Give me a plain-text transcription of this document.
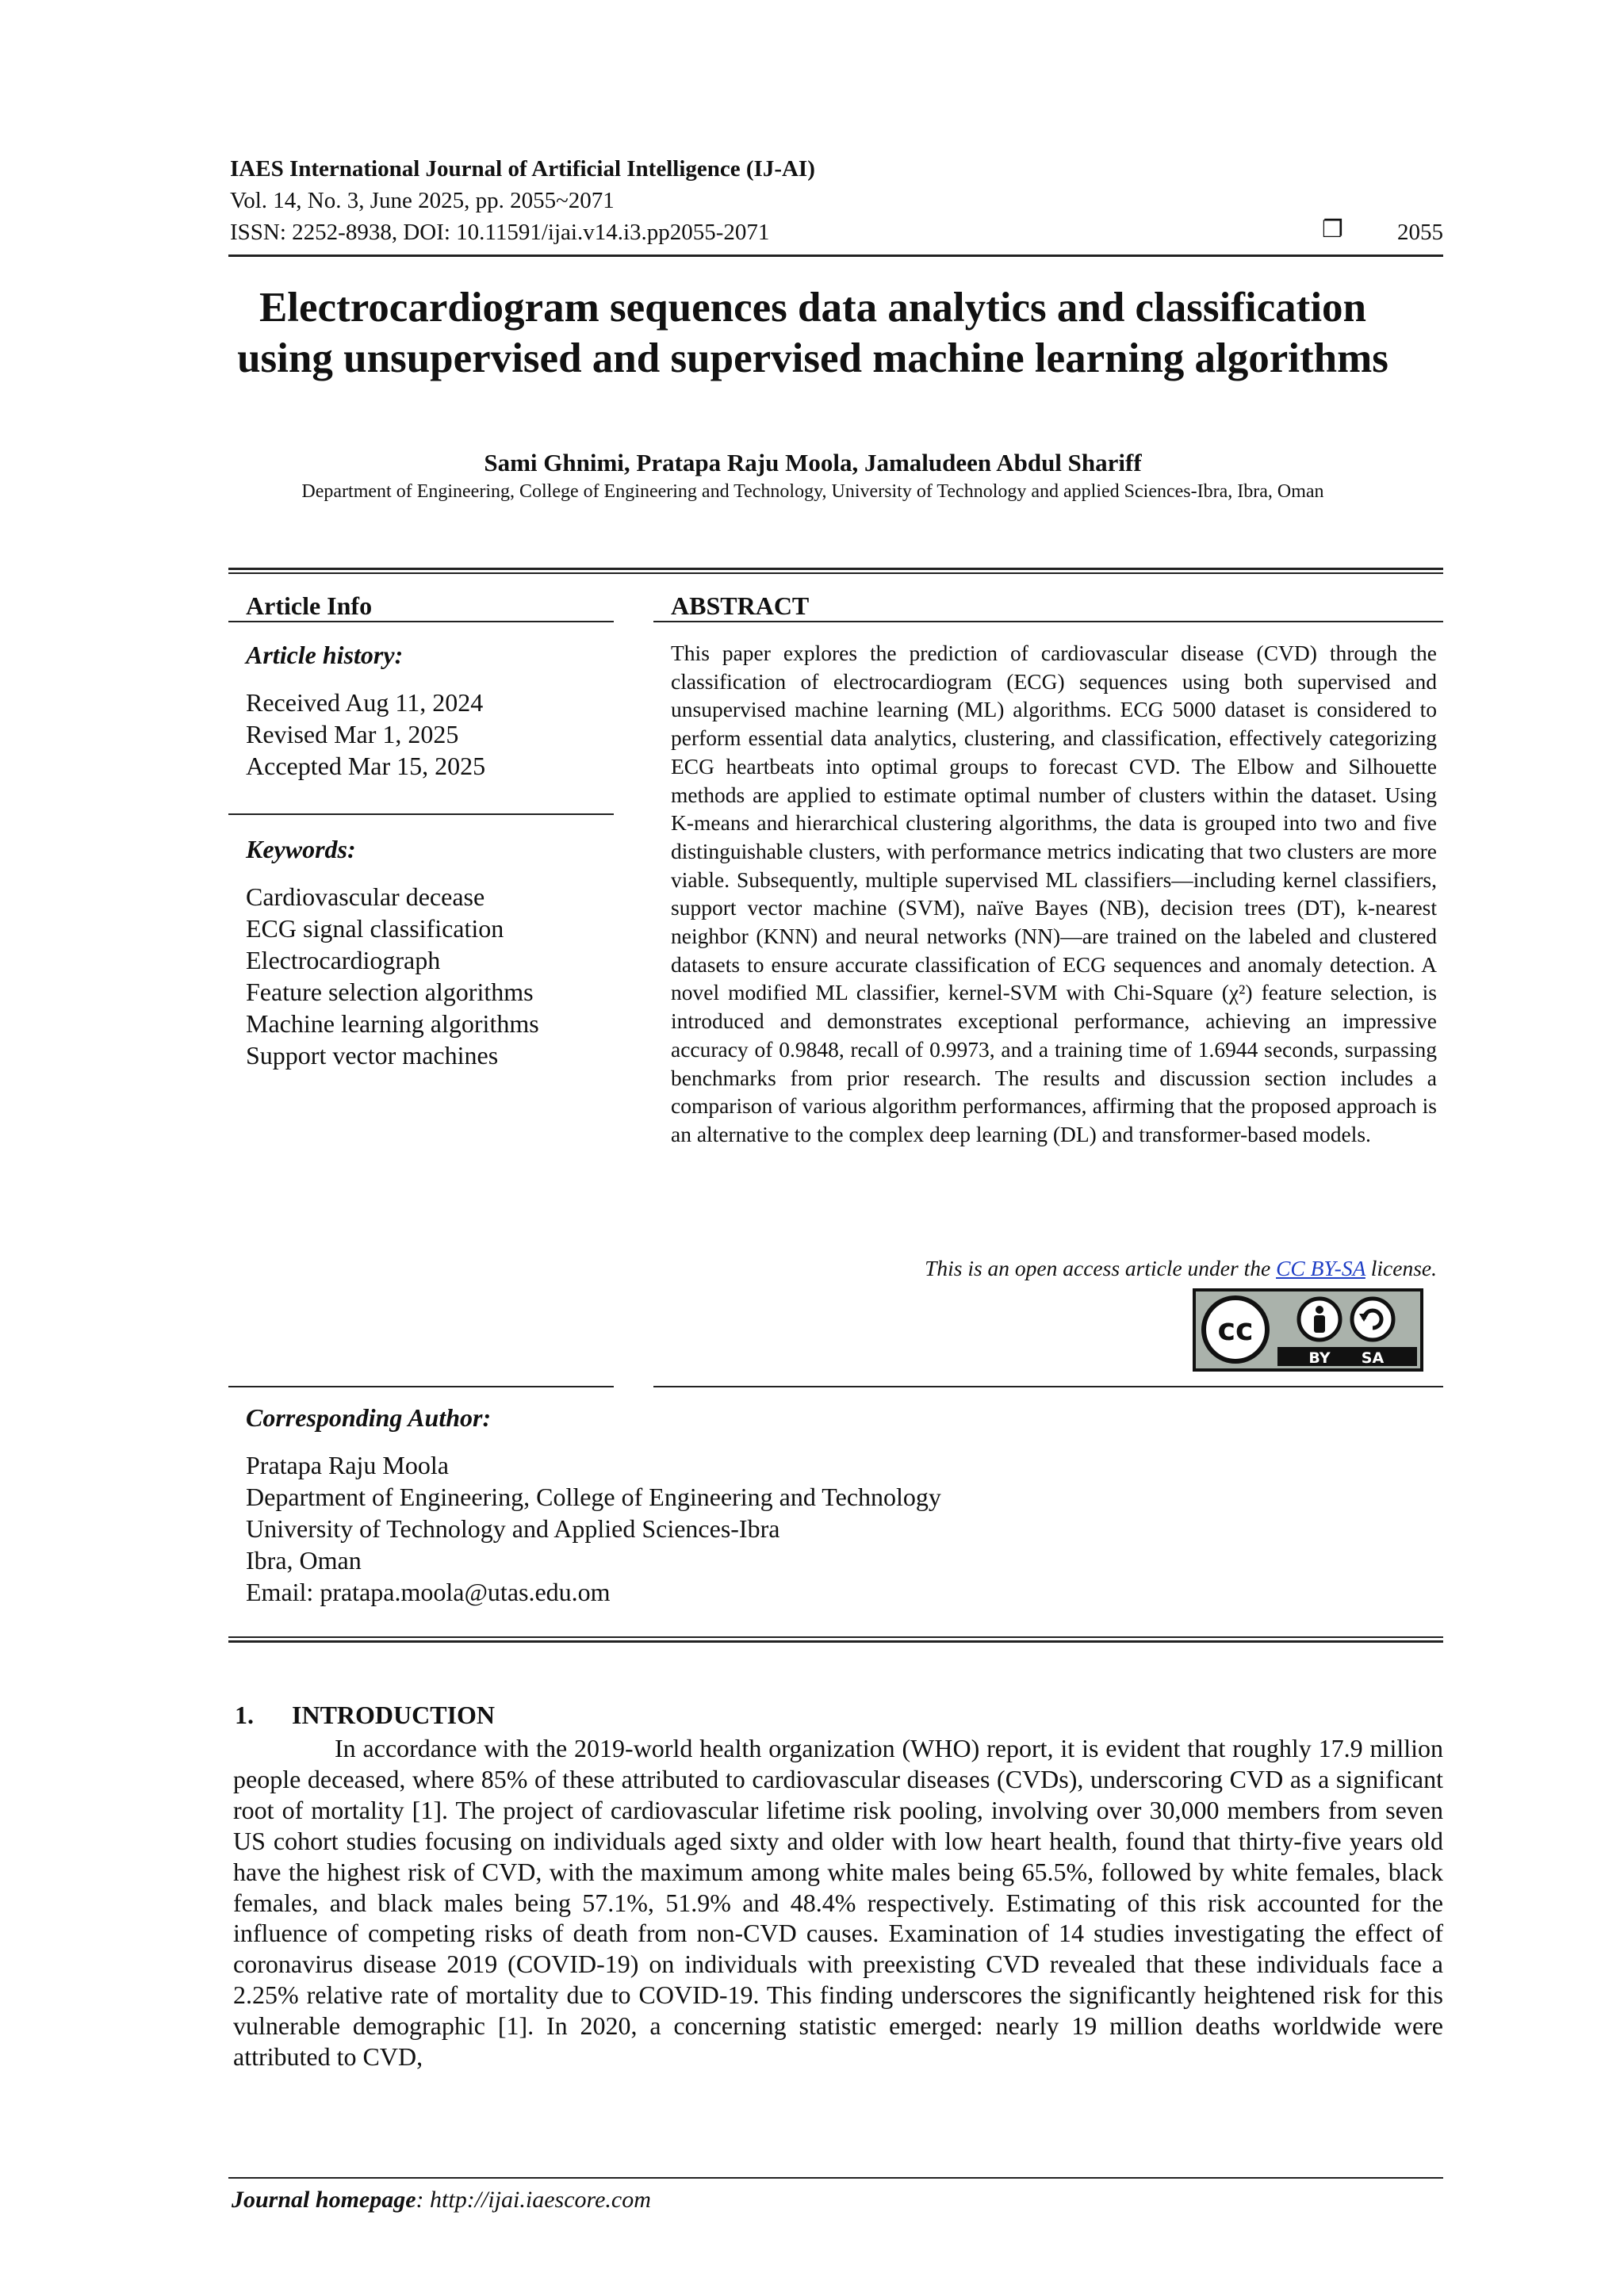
IAES International Journal of Artificial Intelligence (IJ-AI)
Vol. 14, No. 3, June 2025, pp. 2055~2071
ISSN: 2252-8938, DOI: 10.11591/ijai.v14.i3.pp2055-2071	❐	2055
Electrocardiogram sequences data analytics and classification
using unsupervised and supervised machine learning algorithms
Sami Ghnimi, Pratapa Raju Moola, Jamaludeen Abdul Shariff
Department of Engineering, College of Engineering and Technology, University of Technology and applied Sciences-Ibra, Ibra, Oman
Article Info
Article history:
Received Aug 11, 2024
Revised Mar 1, 2025
Accepted Mar 15, 2025
Keywords:
Cardiovascular decease
ECG signal classification
Electrocardiograph
Feature selection algorithms
Machine learning algorithms
Support vector machines
ABSTRACT
This paper explores the prediction of cardiovascular disease (CVD) through the classification of electrocardiogram (ECG) sequences using both supervised and unsupervised machine learning (ML) algorithms. ECG 5000 dataset is considered to perform essential data analytics, clustering, and classification, effectively categorizing ECG heartbeats into optimal groups to forecast CVD. The Elbow and Silhouette methods are applied to estimate optimal number of clusters within the dataset. Using K-means and hierarchical clustering algorithms, the data is grouped into two and five distinguishable clusters, with performance metrics indicating that two clusters are more viable. Subsequently, multiple supervised ML classifiers—including kernel classifiers, support vector machine (SVM), naïve Bayes (NB), decision trees (DT), k-nearest neighbor (KNN) and neural networks (NN)—are trained on the labeled and clustered datasets to ensure accurate classification of ECG sequences and anomaly detection. A novel modified ML classifier, kernel-SVM with Chi-Square (χ²) feature selection, is introduced and demonstrates exceptional performance, achieving an impressive accuracy of 0.9848, recall of 0.9973, and a training time of 1.6944 seconds, surpassing benchmarks from prior research. The results and discussion section includes a comparison of various algorithm performances, affirming that the proposed approach is an alternative to the complex deep learning (DL) and transformer-based models.
This is an open access article under the CC BY-SA license.
cc
BY SA
Corresponding Author:
Pratapa Raju Moola
Department of Engineering, College of Engineering and Technology
University of Technology and Applied Sciences-Ibra
Ibra, Oman
Email: pratapa.moola@utas.edu.om
1. INTRODUCTION

In accordance with the 2019-world health organization (WHO) report, it is evident that roughly 17.9 million people deceased, where 85% of these attributed to cardiovascular diseases (CVDs), underscoring CVD as a significant root of mortality [1]. The project of cardiovascular lifetime risk pooling, involving over 30,000 members from seven US cohort studies focusing on individuals aged sixty and older with low heart health, found that thirty-five years old have the highest risk of CVD, with the maximum among white males being 65.5%, followed by white females, black females, and black males being 57.1%, 51.9% and 48.4% respectively. Estimating of this risk accounted for the influence of competing risks of death from non-CVD causes. Examination of 14 studies investigating the effect of coronavirus disease 2019 (COVID-19) on individuals with preexisting CVD revealed that these individuals face a 2.25% relative rate of mortality due to COVID-19. This finding underscores the significantly heightened risk for this vulnerable demographic [1]. In 2020, a concerning statistic emerged: nearly 19 million deaths worldwide were attributed to CVD,

Journal homepage: http://ijai.iaescore.com
